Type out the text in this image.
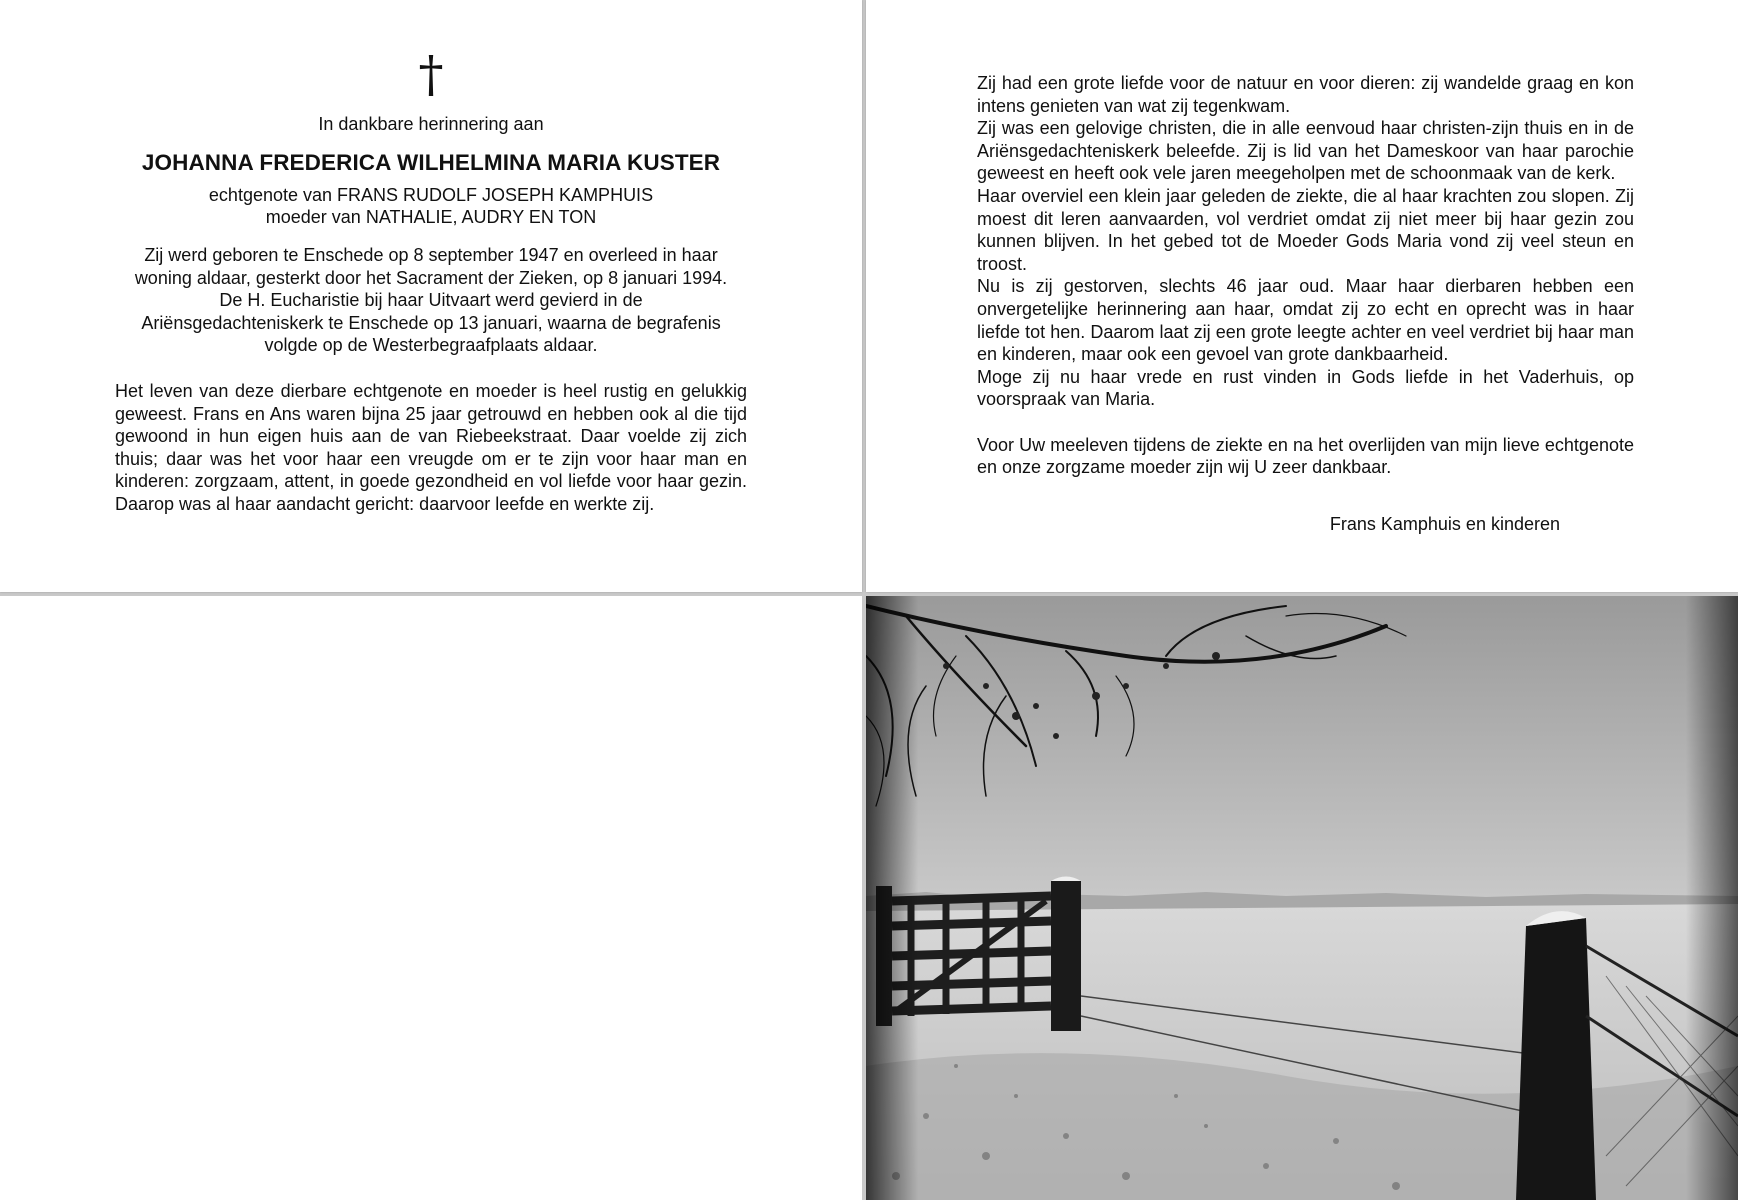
†
In dankbare herinnering aan
JOHANNA FREDERICA WILHELMINA MARIA KUSTER
echtgenote van FRANS RUDOLF JOSEPH KAMPHUIS
moeder van NATHALIE, AUDRY EN TON
Zij werd geboren te Enschede op 8 september 1947 en overleed in haar
woning aldaar, gesterkt door het Sacrament der Zieken, op 8 januari 1994.
De H. Eucharistie bij haar Uitvaart werd gevierd in de
Ariënsgedachteniskerk te Enschede op 13 januari, waarna de begrafenis
volgde op de Westerbegraafplaats aldaar.
Het leven van deze dierbare echtgenote en moeder is heel rustig en gelukkig geweest. Frans en Ans waren bijna 25 jaar getrouwd en hebben ook al die tijd gewoond in hun eigen huis aan de van Riebeekstraat. Daar voelde zij zich thuis; daar was het voor haar een vreugde om er te zijn voor haar man en kinderen: zorgzaam, attent, in goede gezondheid en vol liefde voor haar gezin. Daarop was al haar aandacht gericht: daarvoor leefde en werkte zij.

Zij had een grote liefde voor de natuur en voor dieren: zij wandelde graag en kon intens genieten van wat zij tegenkwam.

Zij was een gelovige christen, die in alle eenvoud haar christen-zijn thuis en in de Ariënsgedachteniskerk beleefde. Zij is lid van het Dameskoor van haar parochie geweest en heeft ook vele jaren meegeholpen met de schoonmaak van de kerk.

Haar overviel een klein jaar geleden de ziekte, die al haar krachten zou slopen. Zij moest dit leren aanvaarden, vol verdriet omdat zij niet meer bij haar gezin zou kunnen blijven. In het gebed tot de Moeder Gods Maria vond zij veel steun en troost.

Nu is zij gestorven, slechts 46 jaar oud. Maar haar dierbaren hebben een onvergetelijke herinnering aan haar, omdat zij zo echt en oprecht was in haar liefde tot hen. Daarom laat zij een grote leegte achter en veel verdriet bij haar man en kinderen, maar ook een gevoel van grote dankbaarheid.

Moge zij nu haar vrede en rust vinden in Gods liefde in het Vaderhuis, op voorspraak van Maria.

Voor Uw meeleven tijdens de ziekte en na het overlijden van mijn lieve echtgenote en onze zorgzame moeder zijn wij U zeer dankbaar.

Frans Kamphuis en kinderen
